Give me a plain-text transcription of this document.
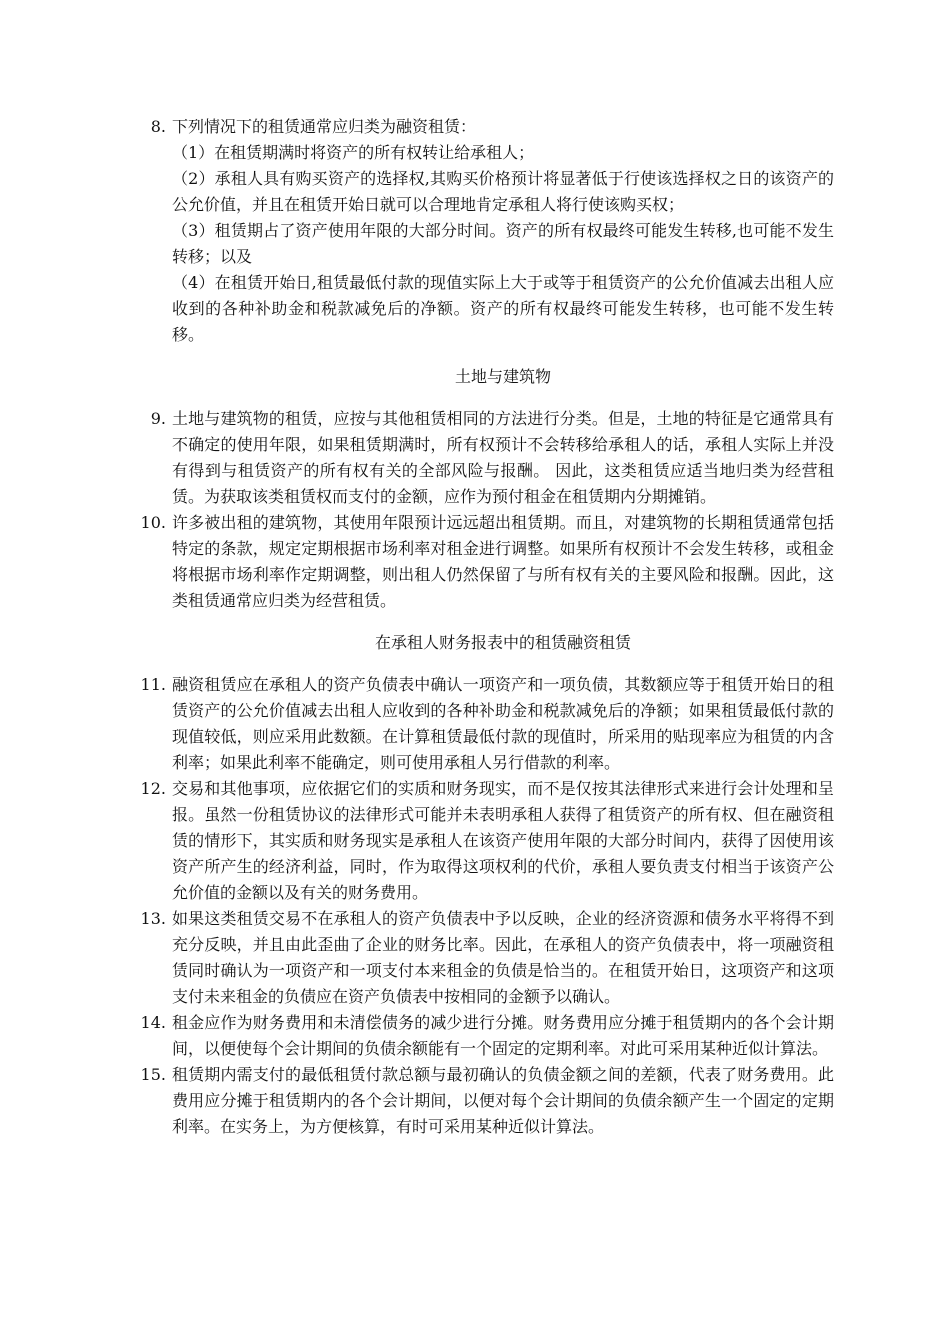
8. 下列情况下的租赁通常应归类为融资租赁：
（1）在租赁期满时将资产的所有权转让给承租人；
（2）承租人具有购买资产的选择权,其购买价格预计将显著低于行使该选择权之日的该资产的公允价值，并且在租赁开始日就可以合理地肯定承租人将行使该购买权；
（3）租赁期占了资产使用年限的大部分时间。资产的所有权最终可能发生转移,也可能不发生转移；以及
（4）在租赁开始日,租赁最低付款的现值实际上大于或等于租赁资产的公允价值减去出租人应收到的各种补助金和税款减免后的净额。资产的所有权最终可能发生转移，也可能不发生转移。
土地与建筑物
9. 土地与建筑物的租赁，应按与其他租赁相同的方法进行分类。但是，土地的特征是它通常具有不确定的使用年限，如果租赁期满时，所有权预计不会转移给承租人的话，承租人实际上并没有得到与租赁资产的所有权有关的全部风险与报酬。 因此，这类租赁应适当地归类为经营租赁。为获取该类租赁权而支付的金额，应作为预付租金在租赁期内分期摊销。
10. 许多被出租的建筑物，其使用年限预计远远超出租赁期。而且，对建筑物的长期租赁通常包括特定的条款，规定定期根据市场利率对租金进行调整。如果所有权预计不会发生转移，或租金将根据市场利率作定期调整，则出租人仍然保留了与所有权有关的主要风险和报酬。因此，这类租赁通常应归类为经营租赁。
在承租人财务报表中的租赁融资租赁
11. 融资租赁应在承租人的资产负债表中确认一项资产和一项负债，其数额应等于租赁开始日的租赁资产的公允价值减去出租人应收到的各种补助金和税款减免后的净额；如果租赁最低付款的现值较低，则应采用此数额。在计算租赁最低付款的现值时，所采用的贴现率应为租赁的内含利率；如果此利率不能确定，则可使用承租人另行借款的利率。
12. 交易和其他事项，应依据它们的实质和财务现实，而不是仅按其法律形式来进行会计处理和呈报。虽然一份租赁协议的法律形式可能并未表明承租人获得了租赁资产的所有权、但在融资租赁的情形下，其实质和财务现实是承租人在该资产使用年限的大部分时间内，获得了因使用该资产所产生的经济利益，同时，作为取得这项权利的代价，承租人要负责支付相当于该资产公允价值的金额以及有关的财务费用。
13. 如果这类租赁交易不在承租人的资产负债表中予以反映，企业的经济资源和债务水平将得不到充分反映，并且由此歪曲了企业的财务比率。因此，在承租人的资产负债表中，将一项融资租赁同时确认为一项资产和一项支付本来租金的负债是恰当的。在租赁开始日，这项资产和这项支付未来租金的负债应在资产负债表中按相同的金额予以确认。
14. 租金应作为财务费用和未清偿债务的减少进行分摊。财务费用应分摊于租赁期内的各个会计期间，以便使每个会计期间的负债余额能有一个固定的定期利率。对此可采用某种近似计算法。
15. 租赁期内需支付的最低租赁付款总额与最初确认的负债金额之间的差额，代表了财务费用。此费用应分摊于租赁期内的各个会计期间，以便对每个会计期间的负债余额产生一个固定的定期利率。在实务上，为方便核算，有时可采用某种近似计算法。
